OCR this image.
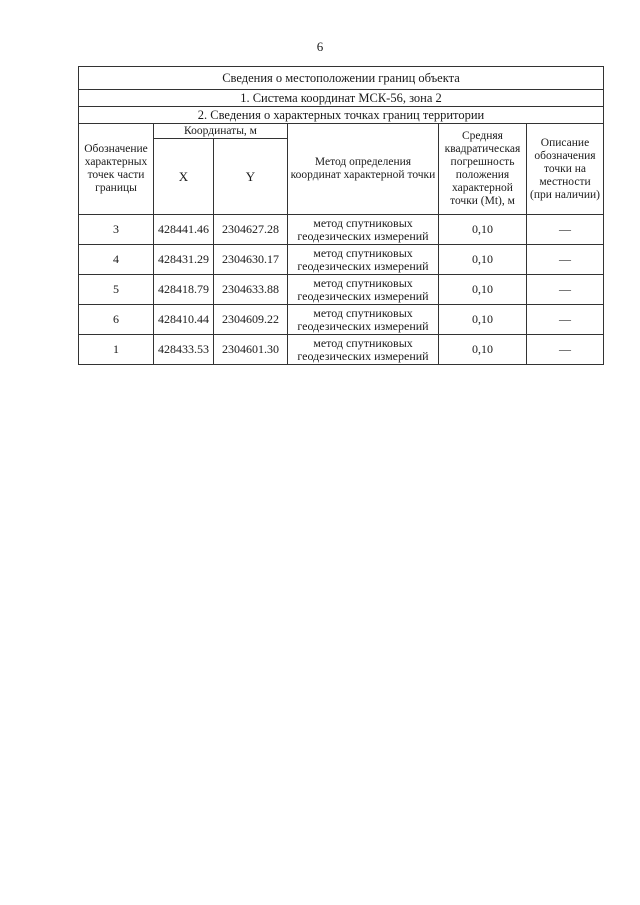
6
Сведения о местоположении границ объекта					
1. Система координат МСК-56, зона 2					
2. Сведения о характерных точках границ территории					
Обозначение характерных точек части границы	Координаты, м		Метод определения координат характерной точки	Средняя квадратическая погрешность положения характерной точки (Mt), м	Описание обозначения точки на местности (при наличии)
	X	Y			
3	428441.46	2304627.28	метод спутниковых геодезических измерений	0,10	—
4	428431.29	2304630.17	метод спутниковых геодезических измерений	0,10	—
5	428418.79	2304633.88	метод спутниковых геодезических измерений	0,10	—
6	428410.44	2304609.22	метод спутниковых геодезических измерений	0,10	—
1	428433.53	2304601.30	метод спутниковых геодезических измерений	0,10	—
